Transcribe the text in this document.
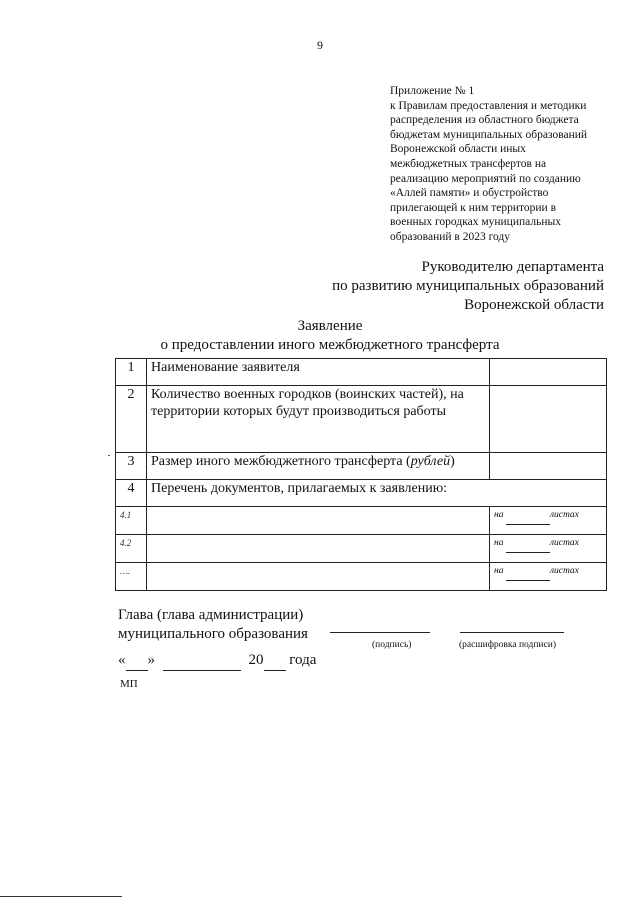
9
Приложение № 1
к Правилам предоставления и методики
распределения из областного бюджета
бюджетам муниципальных образований
Воронежской области иных
межбюджетных трансфертов на
реализацию мероприятий по созданию
«Аллей памяти» и обустройство
прилегающей к ним территории в
военных городках муниципальных
образований в 2023 году
Руководителю департамента
по развитию муниципальных образований
Воронежской области
Заявление
о предоставлении иного межбюджетного трансферта
1	Наименование заявителя	
2	Количество военных городков (воинских частей), на территории которых будут производиться работы	
3	Размер иного межбюджетного трансферта (рублей)	
4	Перечень документов, прилагаемых к заявлению:	
4.1		на листах
4.2		на листах
….		на листах
Глава (глава администрации)
муниципального образования
(подпись)	(расшифровка подписи)
« »	20 года
МП
